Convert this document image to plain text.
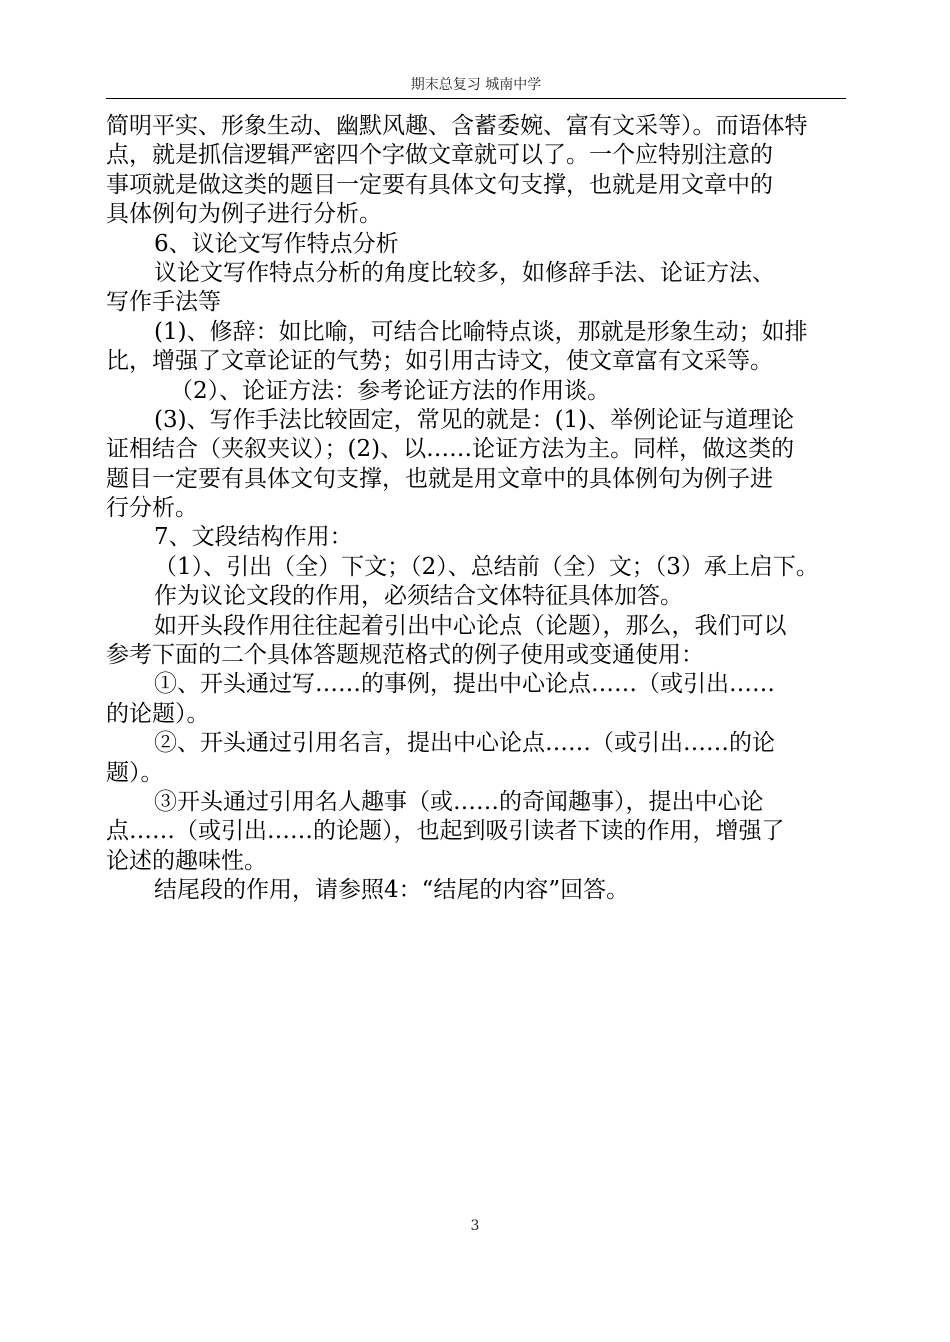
期末总复习 城南中学

简明平实、形象生动、幽默风趣、含蓄委婉、富有文采等）。而语体特

点，就是抓信逻辑严密四个字做文章就可以了。一个应特别注意的

事项就是做这类的题目一定要有具体文句支撑，也就是用文章中的

具体例句为例子进行分析。

6、议论文写作特点分析

议论文写作特点分析的角度比较多，如修辞手法、论证方法、

写作手法等

(1)、修辞：如比喻，可结合比喻特点谈，那就是形象生动；如排

比，增强了文章论证的气势；如引用古诗文，使文章富有文采等。

（2）、论证方法：参考论证方法的作用谈。

(3)、写作手法比较固定，常见的就是：(1)、举例论证与道理论

证相结合（夹叙夹议）；(2)、以……论证方法为主。同样，做这类的

题目一定要有具体文句支撑，也就是用文章中的具体例句为例子进

行分析。

7、文段结构作用：

（1）、引出（全）下文；（2）、总结前（全）文；（3）承上启下。

作为议论文段的作用，必须结合文体特征具体加答。

如开头段作用往往起着引出中心论点（论题），那么，我们可以

参考下面的二个具体答题规范格式的例子使用或变通使用：

①、开头通过写……的事例，提出中心论点……（或引出……

的论题）。

②、开头通过引用名言，提出中心论点……（或引出……的论

题）。

③开头通过引用名人趣事（或……的奇闻趣事），提出中心论

点……（或引出……的论题），也起到吸引读者下读的作用，增强了

论述的趣味性。

结尾段的作用，请参照4：“结尾的内容”回答。

3
